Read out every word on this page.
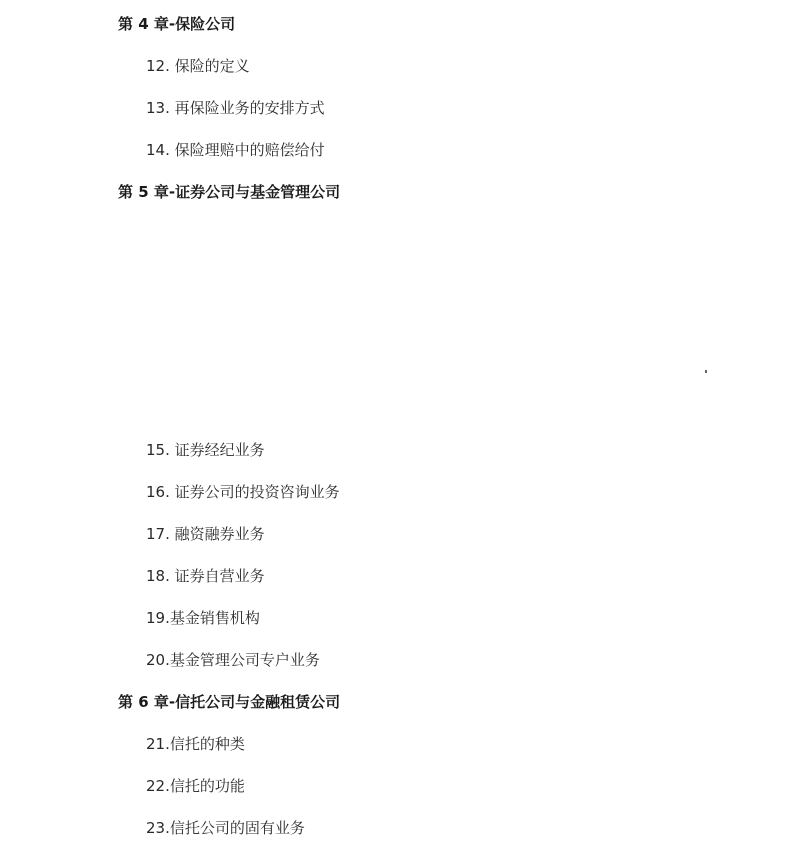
第 4 章-保险公司
12. 保险的定义
13. 再保险业务的安排方式
14. 保险理赔中的赔偿给付
第 5 章-证券公司与基金管理公司
15. 证券经纪业务
16. 证券公司的投资咨询业务
17. 融资融券业务
18. 证券自营业务
19.基金销售机构
20.基金管理公司专户业务
第 6 章-信托公司与金融租赁公司
21.信托的种类
22.信托的功能
23.信托公司的固有业务
